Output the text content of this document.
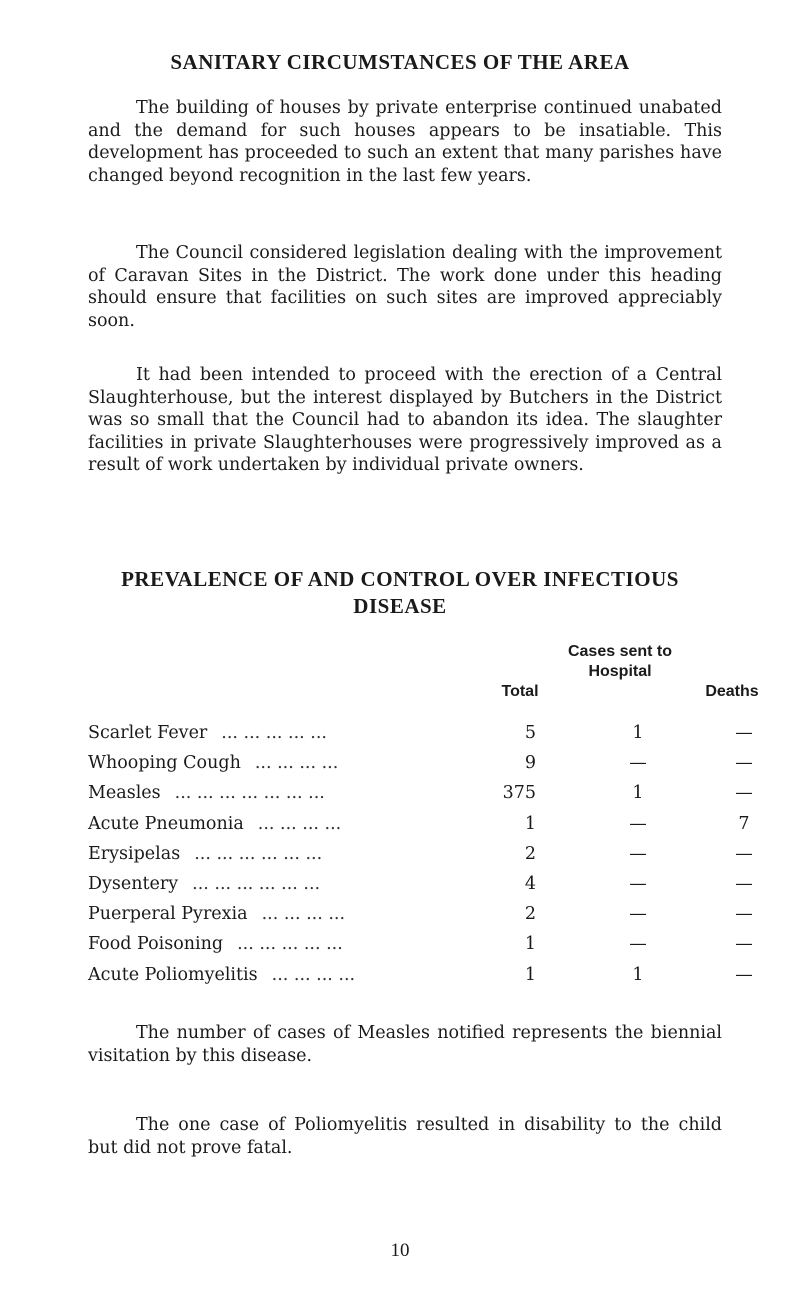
SANITARY CIRCUMSTANCES OF THE AREA

The building of houses by private enterprise continued unabated and the demand for such houses appears to be insatiable. This development has proceeded to such an extent that many parishes have changed beyond recognition in the last few years.

The Council considered legislation dealing with the improvement of Caravan Sites in the District. The work done under this heading should ensure that facilities on such sites are improved appreciably soon.

It had been intended to proceed with the erection of a Central Slaughterhouse, but the interest displayed by Butchers in the District was so small that the Council had to abandon its idea. The slaughter facilities in private Slaughterhouses were progressively improved as a result of work undertaken by individual private owners.

PREVALENCE OF AND CONTROL OVER INFECTIOUS
DISEASE
Total
Cases sent to Hospital
Deaths
Scarlet Fever ... ... ... ... ...	5	1	—
Whooping Cough ... ... ... ...	9	—	—
Measles ... ... ... ... ... ... ...	375	1	—
Acute Pneumonia ... ... ... ...	1	—	7
Erysipelas ... ... ... ... ... ...	2	—	—
Dysentery ... ... ... ... ... ...	4	—	—
Puerperal Pyrexia ... ... ... ...	2	—	—
Food Poisoning ... ... ... ... ...	1	—	—
Acute Poliomyelitis ... ... ... ...	1	1	—

The number of cases of Measles notified represents the biennial visitation by this disease.

The one case of Poliomyelitis resulted in disability to the child but did not prove fatal.

10
